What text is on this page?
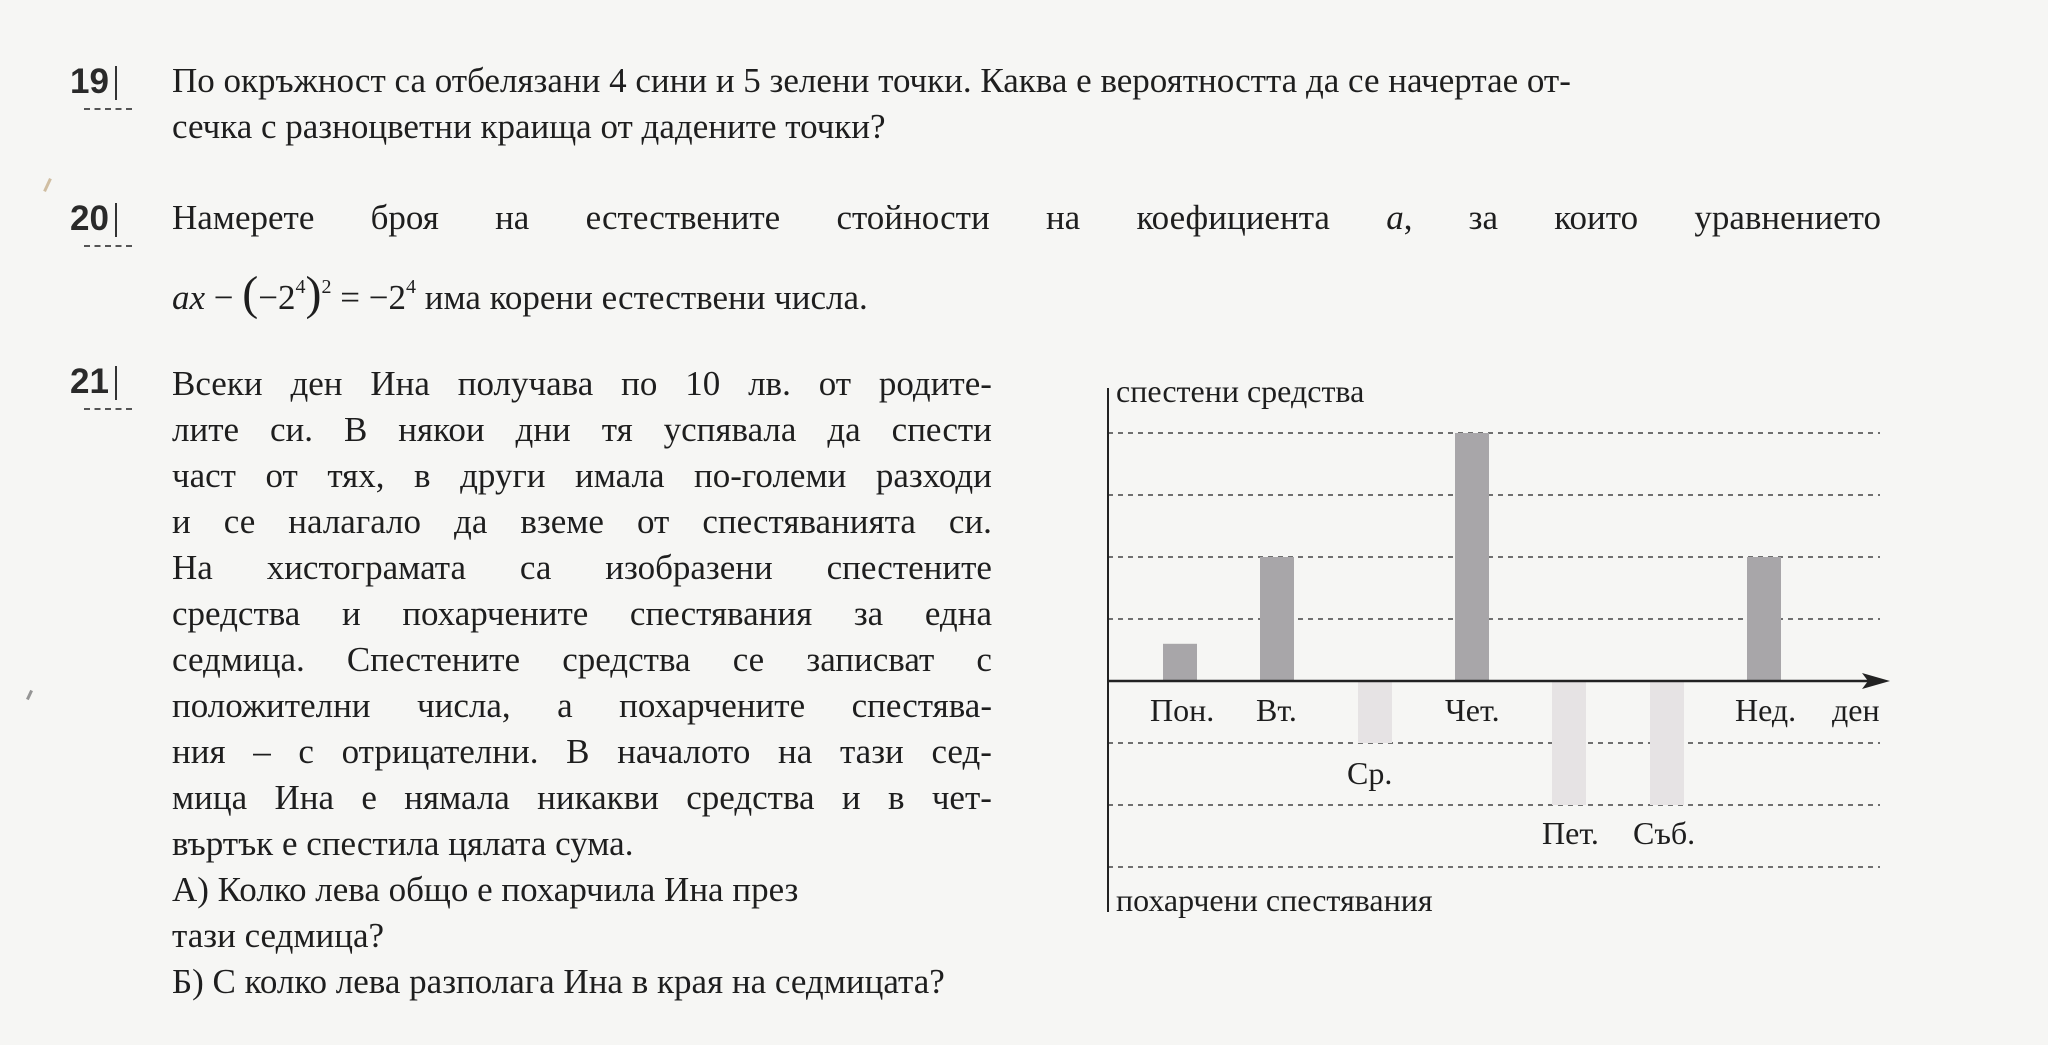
19 По окръжност са отбелязани 4 сини и 5 зелени точки. Каква е вероятността да се начертае от-
сечка с разноцветни краища от дадените точки?
20 Намерете броя на естествените стойности на коефициента a, за които уравнението
ax − $(-2^4)^2 = -2^4$ има корени естествени числа.
21 Всеки ден Ина получава по 10 лв. от родите-
лите си. В някои дни тя успявала да спести
част от тях, в други имала по-големи разходи
и се налагало да вземе от спестяванията си.
На хистограмата са изобразени спестените
средства и похарчените спестявания за една
седмица. Спестените средства се записват с
положителни числа, а похарчените спестява-
ния – с отрицателни. В началото на тази сед-
мица Ина е нямала никакви средства и в чет-
въртък е спестила цялата сума.
А) Колко лева общо е похарчила Ина през
тази седмица?
Б) С колко лева разполага Ина в края на седмицата?
спестени средства
похарчени спестявания
ден
Пон. Вт.
Ср.
Чет.
Пет. Съб.
Нед.
